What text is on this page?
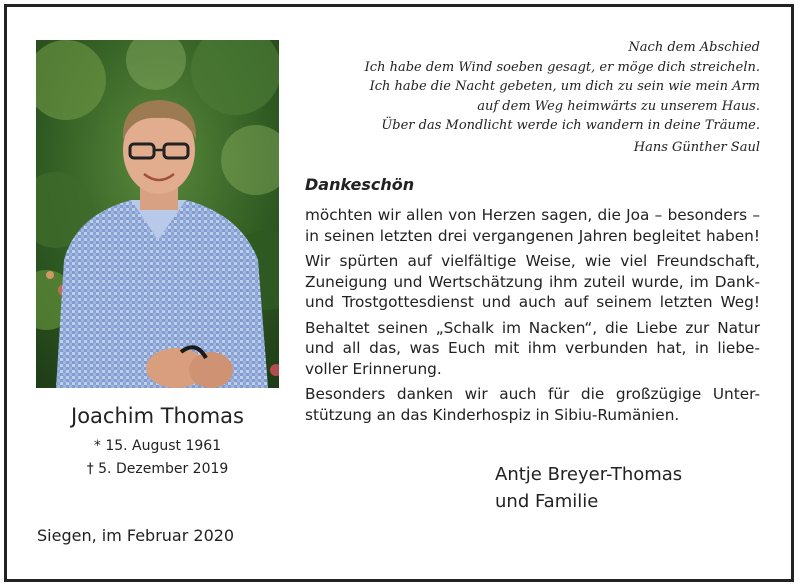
Joachim Thomas
* 15. August 1961
† 5. Dezember 2019
Siegen, im Februar 2020
Nach dem Abschied
Ich habe dem Wind soeben gesagt, er möge dich streicheln.
Ich habe die Nacht gebeten, um dich zu sein wie mein Arm
auf dem Weg heimwärts zu unserem Haus.
Über das Mondlicht werde ich wandern in deine Träume.
Hans Günther Saul
Dankeschön

möchten wir allen von Herzen sagen, die Joa – besonders –
in seinen letzten drei vergangenen Jahren begleitet haben!

Wir spürten auf vielfältige Weise, wie viel Freundschaft,
Zuneigung und Wertschätzung ihm zuteil wurde, im Dank-
und Trostgottesdienst und auch auf seinem letzten Weg!

Behaltet seinen „Schalk im Nacken“, die Liebe zur Natur
und all das, was Euch mit ihm verbunden hat, in liebe-
voller Erinnerung.

Besonders danken wir auch für die großzügige Unter-
stützung an das Kinderhospiz in Sibiu-Rumänien.

Antje Breyer-Thomas
und Familie
